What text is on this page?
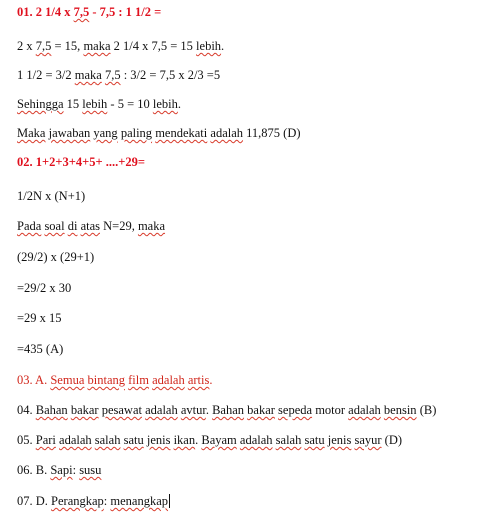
01. 2 1/4 x 7,5 - 7,5 : 1 1/2 =
2 x 7,5 = 15, maka 2 1/4 x 7,5 = 15 lebih.
1 1/2 = 3/2 maka 7,5 : 3/2 = 7,5 x 2/3 =5
Sehingga 15 lebih - 5 = 10 lebih.
Maka jawaban yang paling mendekati adalah 11,875 (D)
02. 1+2+3+4+5+ ....+29=
1/2N x (N+1)
Pada soal di atas N=29, maka
(29/2) x (29+1)
=29/2 x 30
=29 x 15
=435 (A)
03. A. Semua bintang film adalah artis.
04. Bahan bakar pesawat adalah avtur. Bahan bakar sepeda motor adalah bensin (B)
05. Pari adalah salah satu jenis ikan. Bayam adalah salah satu jenis sayur (D)
06. B. Sapi: susu
07. D. Perangkap: menangkap
